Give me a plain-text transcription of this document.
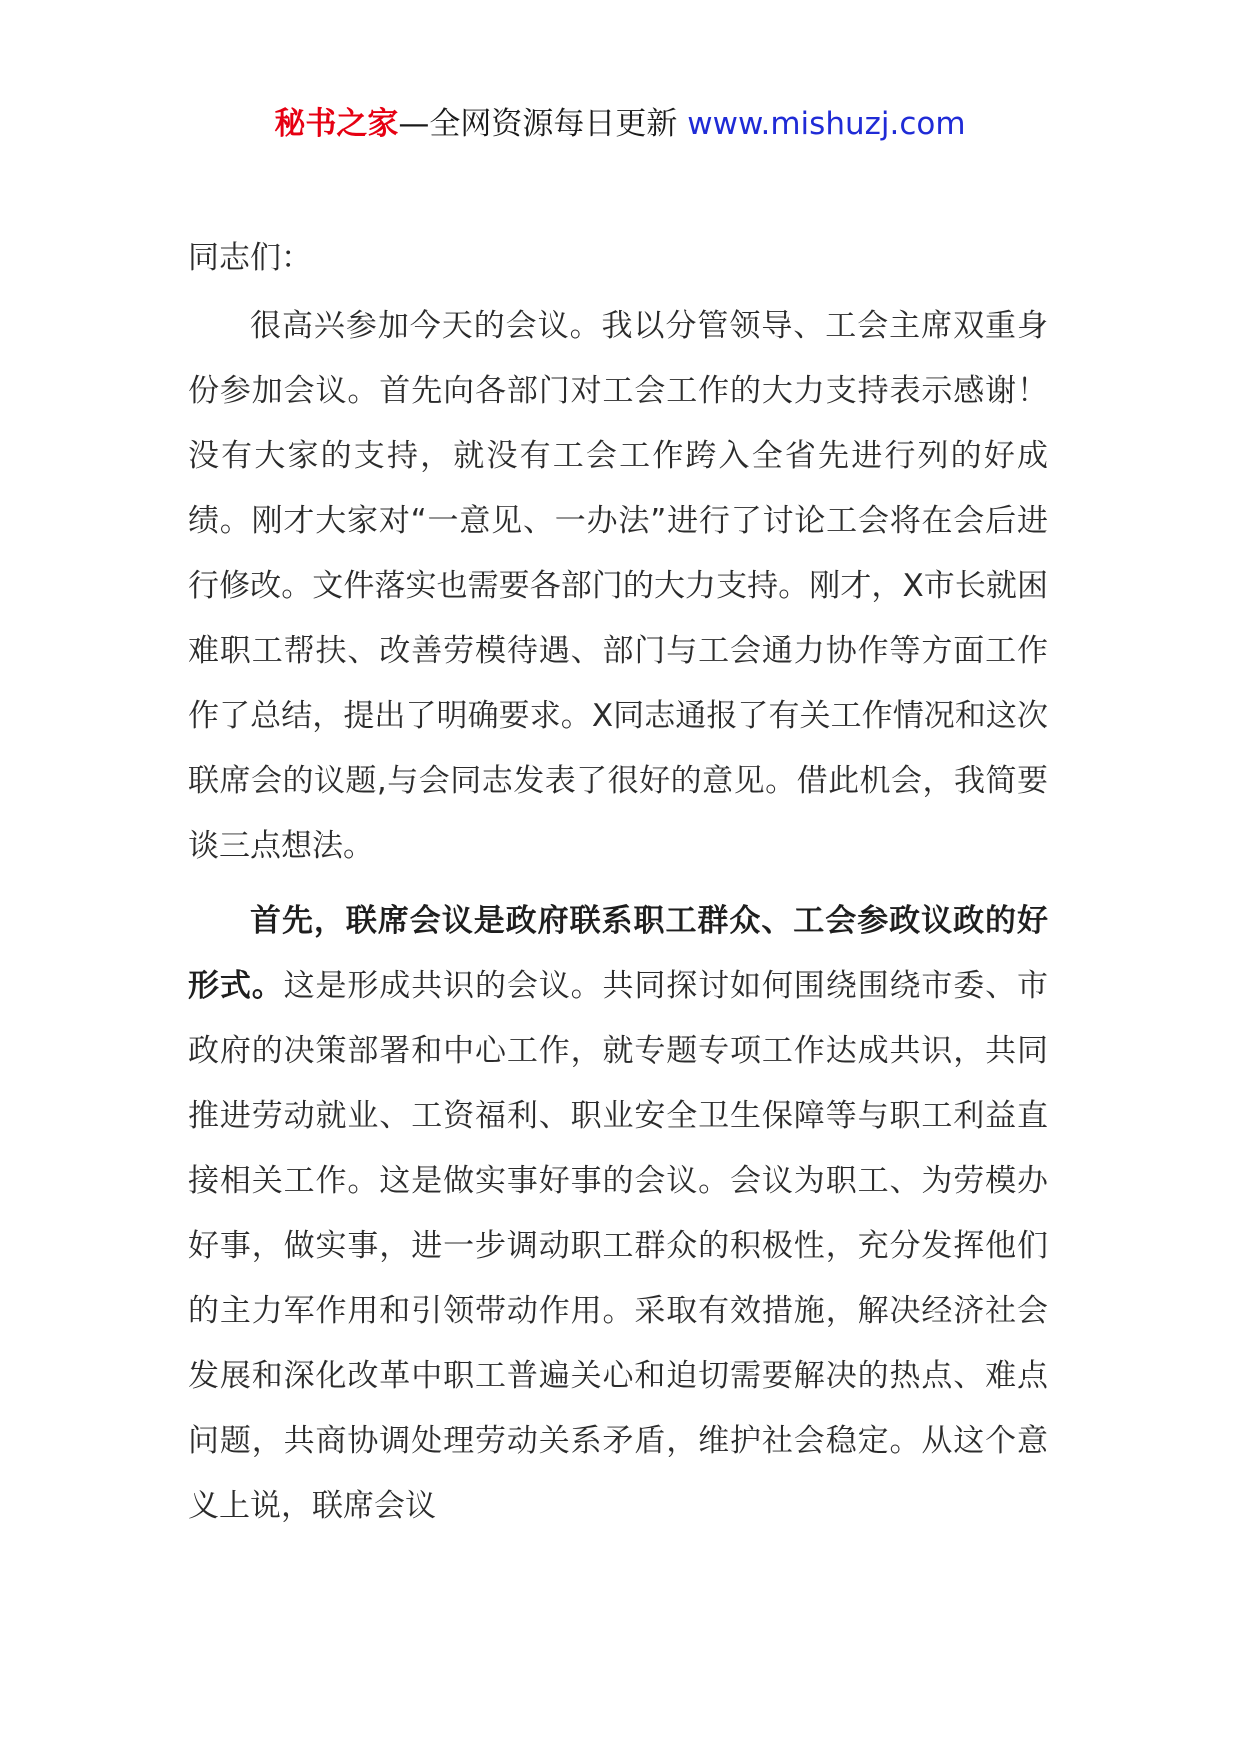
秘书之家—全网资源每日更新 www.mishuzj.com

同志们：

很高兴参加今天的会议。我以分管领导、工会主席双重身份参加会议。首先向各部门对工会工作的大力支持表示感谢！没有大家的支持，就没有工会工作跨入全省先进行列的好成绩。刚才大家对“一意见、一办法”进行了讨论工会将在会后进行修改。文件落实也需要各部门的大力支持。刚才，X市长就困难职工帮扶、改善劳模待遇、部门与工会通力协作等方面工作作了总结，提出了明确要求。X同志通报了有关工作情况和这次联席会的议题,与会同志发表了很好的意见。借此机会，我简要谈三点想法。

首先，联席会议是政府联系职工群众、工会参政议政的好形式。这是形成共识的会议。共同探讨如何围绕围绕市委、市政府的决策部署和中心工作，就专题专项工作达成共识，共同推进劳动就业、工资福利、职业安全卫生保障等与职工利益直接相关工作。这是做实事好事的会议。会议为职工、为劳模办好事，做实事，进一步调动职工群众的积极性，充分发挥他们的主力军作用和引领带动作用。采取有效措施，解决经济社会发展和深化改革中职工普遍关心和迫切需要解决的热点、难点问题，共商协调处理劳动关系矛盾，维护社会稳定。从这个意义上说，联席会议
